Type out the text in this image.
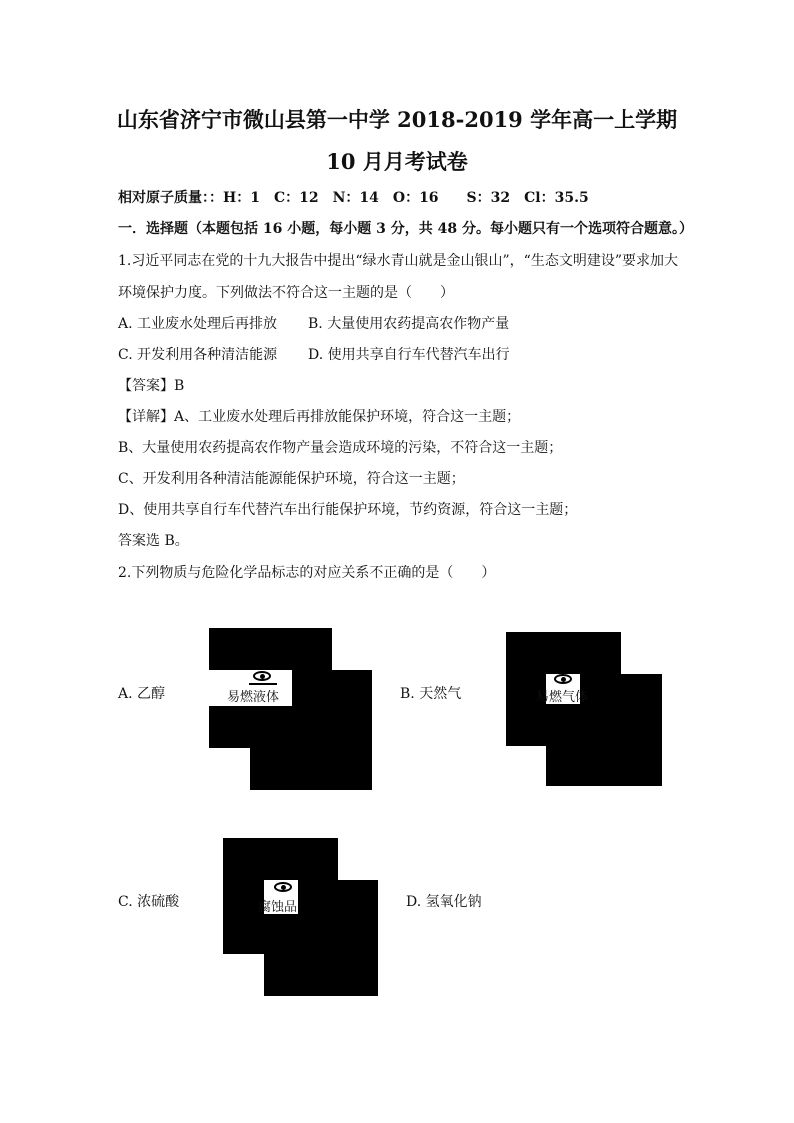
山东省济宁市微山县第一中学 2018-2019 学年高一上学期
10 月月考试卷
相对原子质量：：H：1　C：12　N：14　O：16　　S：32　Cl：35.5
一．选择题（本题包括 16 小题，每小题 3 分，共 48 分。每小题只有一个选项符合题意。）
1.习近平同志在党的十九大报告中提出“绿水青山就是金山银山”，“生态文明建设”要求加大
环境保护力度。下列做法不符合这一主题的是（　　）
A. 工业废水处理后再排放 B. 大量使用农药提高农作物产量
C. 开发利用各种清洁能源 D. 使用共享自行车代替汽车出行
【答案】B
【详解】A、工业废水处理后再排放能保护环境，符合这一主题；
B、大量使用农药提高农作物产量会造成环境的污染，不符合这一主题；
C、开发利用各种清洁能源能保护环境，符合这一主题；
D、使用共享自行车代替汽车出行能保护环境，节约资源，符合这一主题；
答案选 B。
2.下列物质与危险化学品标志的对应关系不正确的是（　　）
A. 乙醇	B. 天然气
C. 浓硫酸	D. 氢氧化钠
易燃液体	易燃气体
腐蚀品
